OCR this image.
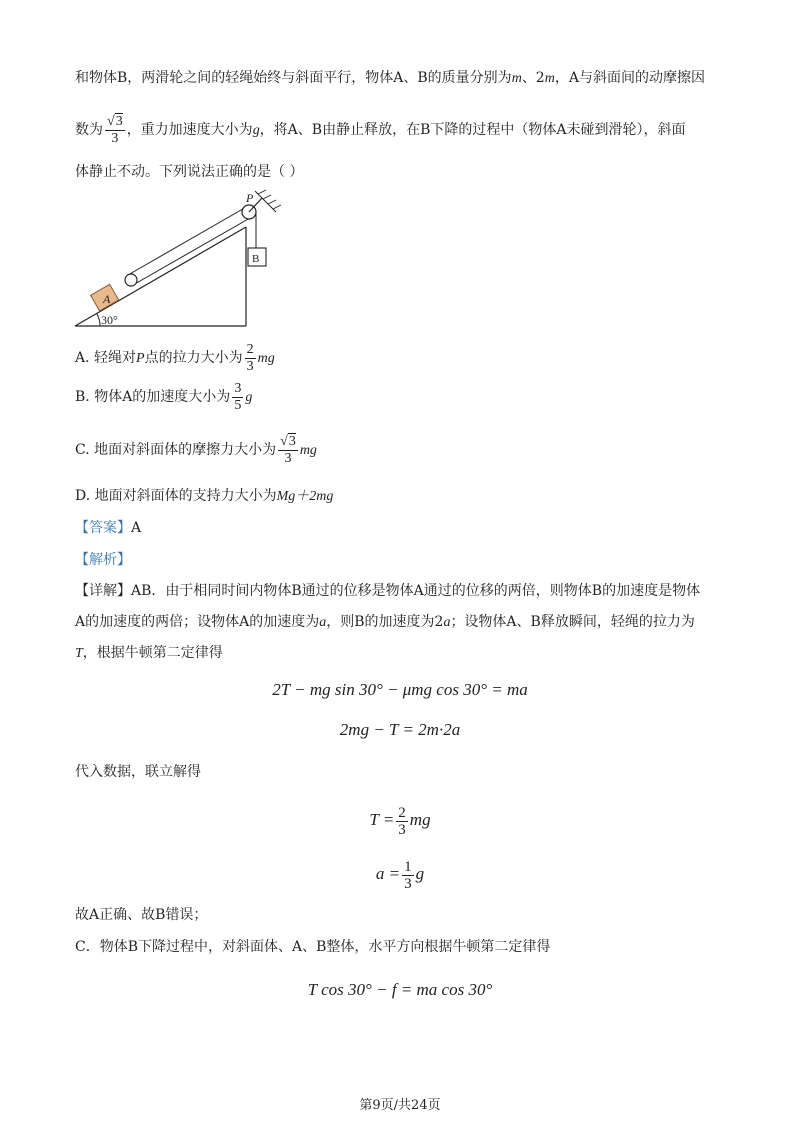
和物体B，两滑轮之间的轻绳始终与斜面平行，物体A、B的质量分别为m、2m，A与斜面间的动摩擦因
数为 $\frac{√3}{3}$ ，重力加速度大小为g，将A、B由静止释放，在B下降的过程中（物体A未碰到滑轮），斜面
体静止不动。下列说法正确的是（ ）
30°
P
B
A
A. 轻绳对P点的拉力大小为 $\frac{2}{3}$ mg
B. 物体A的加速度大小为 $\frac{3}{5}$ g
C. 地面对斜面体的摩擦力大小为 $\frac{√3}{3}$ mg
D. 地面对斜面体的支持力大小为Mg＋2mg
【答案】A
【解析】
【详解】AB．由于相同时间内物体B通过的位移是物体A通过的位移的两倍，则物体B的加速度是物体
A的加速度的两倍；设物体A的加速度为a，则B的加速度为2a；设物体A、B释放瞬间，轻绳的拉力为
T，根据牛顿第二定律得
2T − mg sin 30° − μmg cos 30° = ma
2mg − T = 2m·2a
代入数据，联立解得
$T = \frac{2}{3}$ mg
$a = \frac{1}{3}$ g
故A正确、故B错误；
C．物体B下降过程中，对斜面体、A、B整体，水平方向根据牛顿第二定律得
T cos 30° − f = ma cos 30°
第9页/共24页
